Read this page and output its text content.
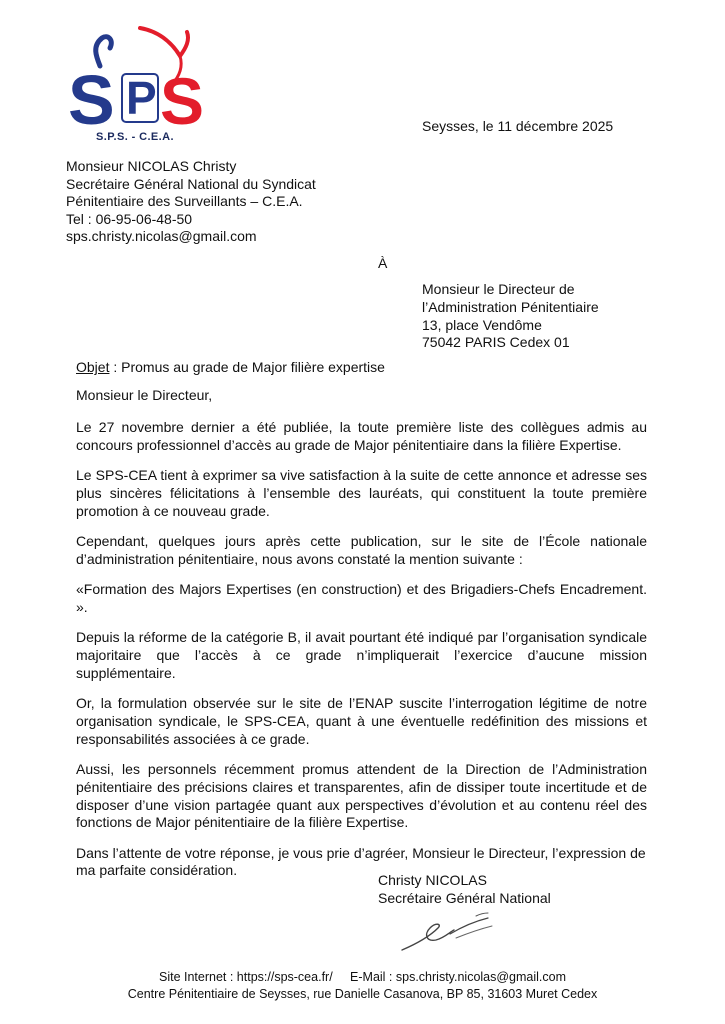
S P S
S.P.S. - C.E.A.
Seysses, le 11 décembre 2025
Monsieur NICOLAS Christy
Secrétaire Général National du Syndicat
Pénitentiaire des Surveillants – C.E.A.
Tel : 06-95-06-48-50
sps.christy.nicolas@gmail.com
À
Monsieur le Directeur de
l’Administration Pénitentiaire
13, place Vendôme
75042 PARIS Cedex 01
Objet : Promus au grade de Major filière expertise
Monsieur le Directeur,

Le 27 novembre dernier a été publiée, la toute première liste des collègues admis au concours professionnel d’accès au grade de Major pénitentiaire dans la filière Expertise.

Le SPS-CEA tient à exprimer sa vive satisfaction à la suite de cette annonce et adresse ses plus sincères félicitations à l’ensemble des lauréats, qui constituent la toute première promotion à ce nouveau grade.

Cependant, quelques jours après cette publication, sur le site de l’École nationale d’administration pénitentiaire, nous avons constaté la mention suivante :

«Formation des Majors Expertises (en construction) et des Brigadiers-Chefs Encadrement. ».

Depuis la réforme de la catégorie B, il avait pourtant été indiqué par l’organisation syndicale majoritaire que l’accès à ce grade n’impliquerait l’exercice d’aucune mission supplémentaire.

Or, la formulation observée sur le site de l’ENAP suscite l’interrogation légitime de notre organisation syndicale, le SPS-CEA, quant à une éventuelle redéfinition des missions et responsabilités associées à ce grade.

Aussi, les personnels récemment promus attendent de la Direction de l’Administration pénitentiaire des précisions claires et transparentes, afin de dissiper toute incertitude et de disposer d’une vision partagée quant aux perspectives d’évolution et au contenu réel des fonctions de Major pénitentiaire de la filière Expertise.

Dans l’attente de votre réponse, je vous prie d’agréer, Monsieur le Directeur, l’expression de ma parfaite considération.

Christy NICOLAS
Secrétaire Général National
Site Internet : https://sps-cea.fr/     E-Mail : sps.christy.nicolas@gmail.com
Centre Pénitentiaire de Seysses, rue Danielle Casanova, BP 85, 31603 Muret Cedex
